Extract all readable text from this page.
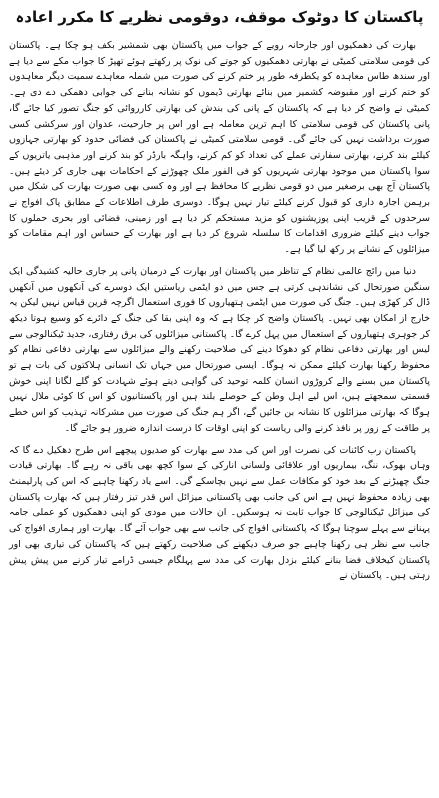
پاکستان کا دوٹوک موقف، دوقومی نظریے کا مکرر اعادہ

بھارت کی دھمکیوں اور جارحانہ رویے کے جواب میں پاکستان بھی شمشیر بکف ہو چکا ہے۔ پاکستان کی قومی سلامتی کمیٹی نے بھارتی دھمکیوں کو جوتے کی نوک پر رکھتے ہوئے تھپڑ کا جواب مکے سے دیا ہے اور سندھ طاس معاہدہ کو یکطرفہ طور پر ختم کرنے کی صورت میں شملہ معاہدے سمیت دیگر معاہدوں کو ختم کرنے اور مقبوضہ کشمیر میں بنائے بھارتی ڈیموں کو نشانہ بنانے کی جوابی دھمکی دے دی ہے۔ کمیٹی نے واضح کر دیا ہے کہ پاکستان کے پانی کی بندش کی بھارتی کارروائی کو جنگ تصور کیا جائے گا، پانی پاکستان کی قومی سلامتی کا اہم ترین معاملہ ہے اور اس پر جارحیت، عدوان اور سرکشی کسی صورت برداشت نہیں کی جائے گی۔ قومی سلامتی کمیٹی نے پاکستان کی فضائی حدود کو بھارتی جہازوں کیلئے بند کرنے، بھارتی سفارتی عملے کی تعداد کو کم کرنے، واہگہ بارڈر کو بند کرنے اور مذہبی یاتریوں کے سوا پاکستان میں موجود بھارتی شہریوں کو فی الفور ملک چھوڑنے کے احکامات بھی جاری کر دیئے ہیں۔ پاکستان آج بھی برصغیر میں دو قومی نظریے کا محافظ ہے اور وہ کسی بھی صورت بھارت کی شکل میں برہمن اجارہ داری کو قبول کرنے کیلئے تیار نہیں ہوگا۔ دوسری طرف اطلاعات کے مطابق پاک افواج نے سرحدوں کے قریب اپنی پوزیشنوں کو مزید مستحکم کر دیا ہے اور زمینی، فضائی اور بحری حملوں کا جواب دینے کیلئے ضروری اقدامات کا سلسلہ شروع کر دیا ہے اور بھارت کے حساس اور اہم مقامات کو میزائلوں کے نشانے پر رکھ لیا گیا ہے۔

دنیا میں رائج عالمی نظام کے تناظر میں پاکستان اور بھارت کے درمیان پانی پر جاری حالیہ کشیدگی ایک سنگین صورتحال کی نشاندہی کرتی ہے جس میں دو ایٹمی ریاستیں ایک دوسرے کی آنکھوں میں آنکھیں ڈال کر کھڑی ہیں۔ جنگ کی صورت میں ایٹمی ہتھیاروں کا فوری استعمال اگرچہ قرین قیاس نہیں لیکن یہ خارج از امکان بھی نہیں۔ پاکستان واضح کر چکا ہے کہ وہ اپنی بقا کی جنگ کے دائرے کو وسیع ہوتا دیکھ کر جوہری ہتھیاروں کے استعمال میں پہل کرے گا۔ پاکستانی میزائلوں کی برق رفتاری، جدید ٹیکنالوجی سے لیس اور بھارتی دفاعی نظام کو دھوکا دینے کی صلاحیت رکھنے والے میزائلوں سے بھارتی دفاعی نظام کو محفوظ رکھنا بھارت کیلئے ممکن نہ ہوگا۔ ایسی صورتحال میں جہاں تک انسانی ہلاکتوں کی بات ہے تو پاکستان میں بسنے والے کروڑوں انسان کلمہ توحید کی گواہی دیتے ہوئے شہادت کو گلے لگانا اپنی خوش قسمتی سمجھتے ہیں، اس لیے اہل وطن کے حوصلے بلند ہیں اور پاکستانیوں کو اس کا کوئی ملال نہیں ہوگا کہ بھارتی میزائلوں کا نشانہ بن جائیں گے، اگر ہم جنگ کی صورت میں مشرکانہ تہذیب کو اس خطے پر طاقت کے زور پر نافذ کرنے والی ریاست کو اپنی اوقات کا درست اندازہ ضرور ہو جائے گا۔

پاکستان رب کائنات کی نصرت اور اس کی مدد سے بھارت کو صدیوں پیچھے اس طرح دھکیل دے گا کہ وہاں بھوک، ننگ، بیماریوں اور علاقائی ولسانی انارکی کے سوا کچھ بھی باقی نہ رہے گا۔ بھارتی قیادت جنگ چھیڑنے کے بعد خود کو مکافات عمل سے نہیں بچاسکے گی۔ اسے یاد رکھنا چاہیے کہ اس کی پارلیمنٹ بھی زیادہ محفوظ نہیں ہے اس کی جانب بھی پاکستانی میزائل اس قدر تیز رفتار ہیں کہ بھارت پاکستان کی میزائل ٹیکنالوجی کا جواب ثابت نہ ہوسکیں۔ ان حالات میں مودی کو اپنی دھمکیوں کو عملی جامہ پہنانے سے پہلے سوچنا ہوگا کہ پاکستانی افواج کی جانب سے بھی جواب آئے گا۔ بھارت اور ہماری افواج کی جانب سے نظر ہی رکھنا چاہیے جو صرف دیکھنے کی صلاحیت رکھتے ہیں کہ پاکستان کی تیاری بھی اور پاکستان کیخلاف فضا بنانے کیلئے بزدل بھارت کی مدد سے پہلگام جیسی ڈرامے تیار کرنے میں پیش پیش رہتی ہیں۔ پاکستان نے
